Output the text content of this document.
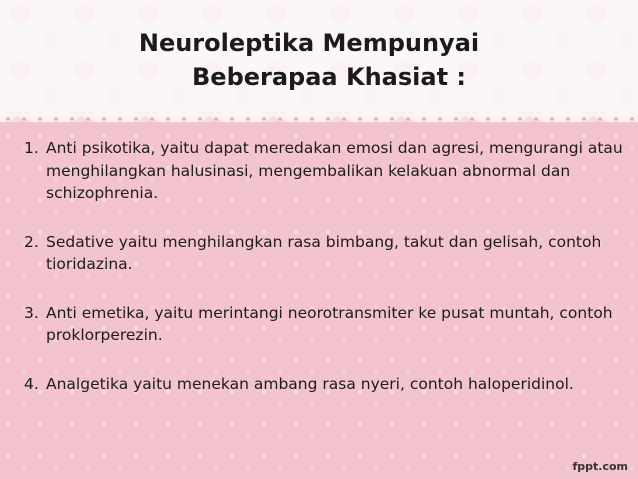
Neuroleptika Mempunyai
Beberapaa Khasiat :
1. Anti psikotika, yaitu dapat meredakan emosi dan agresi, mengurangi atau menghilangkan halusinasi, mengembalikan kelakuan abnormal dan schizophrenia.
2. Sedative yaitu menghilangkan rasa bimbang, takut dan gelisah, contoh tioridazina.
3. Anti emetika, yaitu merintangi neorotransmiter ke pusat muntah, contoh proklorperezin.
4. Analgetika yaitu menekan ambang rasa nyeri, contoh haloperidinol.
fppt.com
